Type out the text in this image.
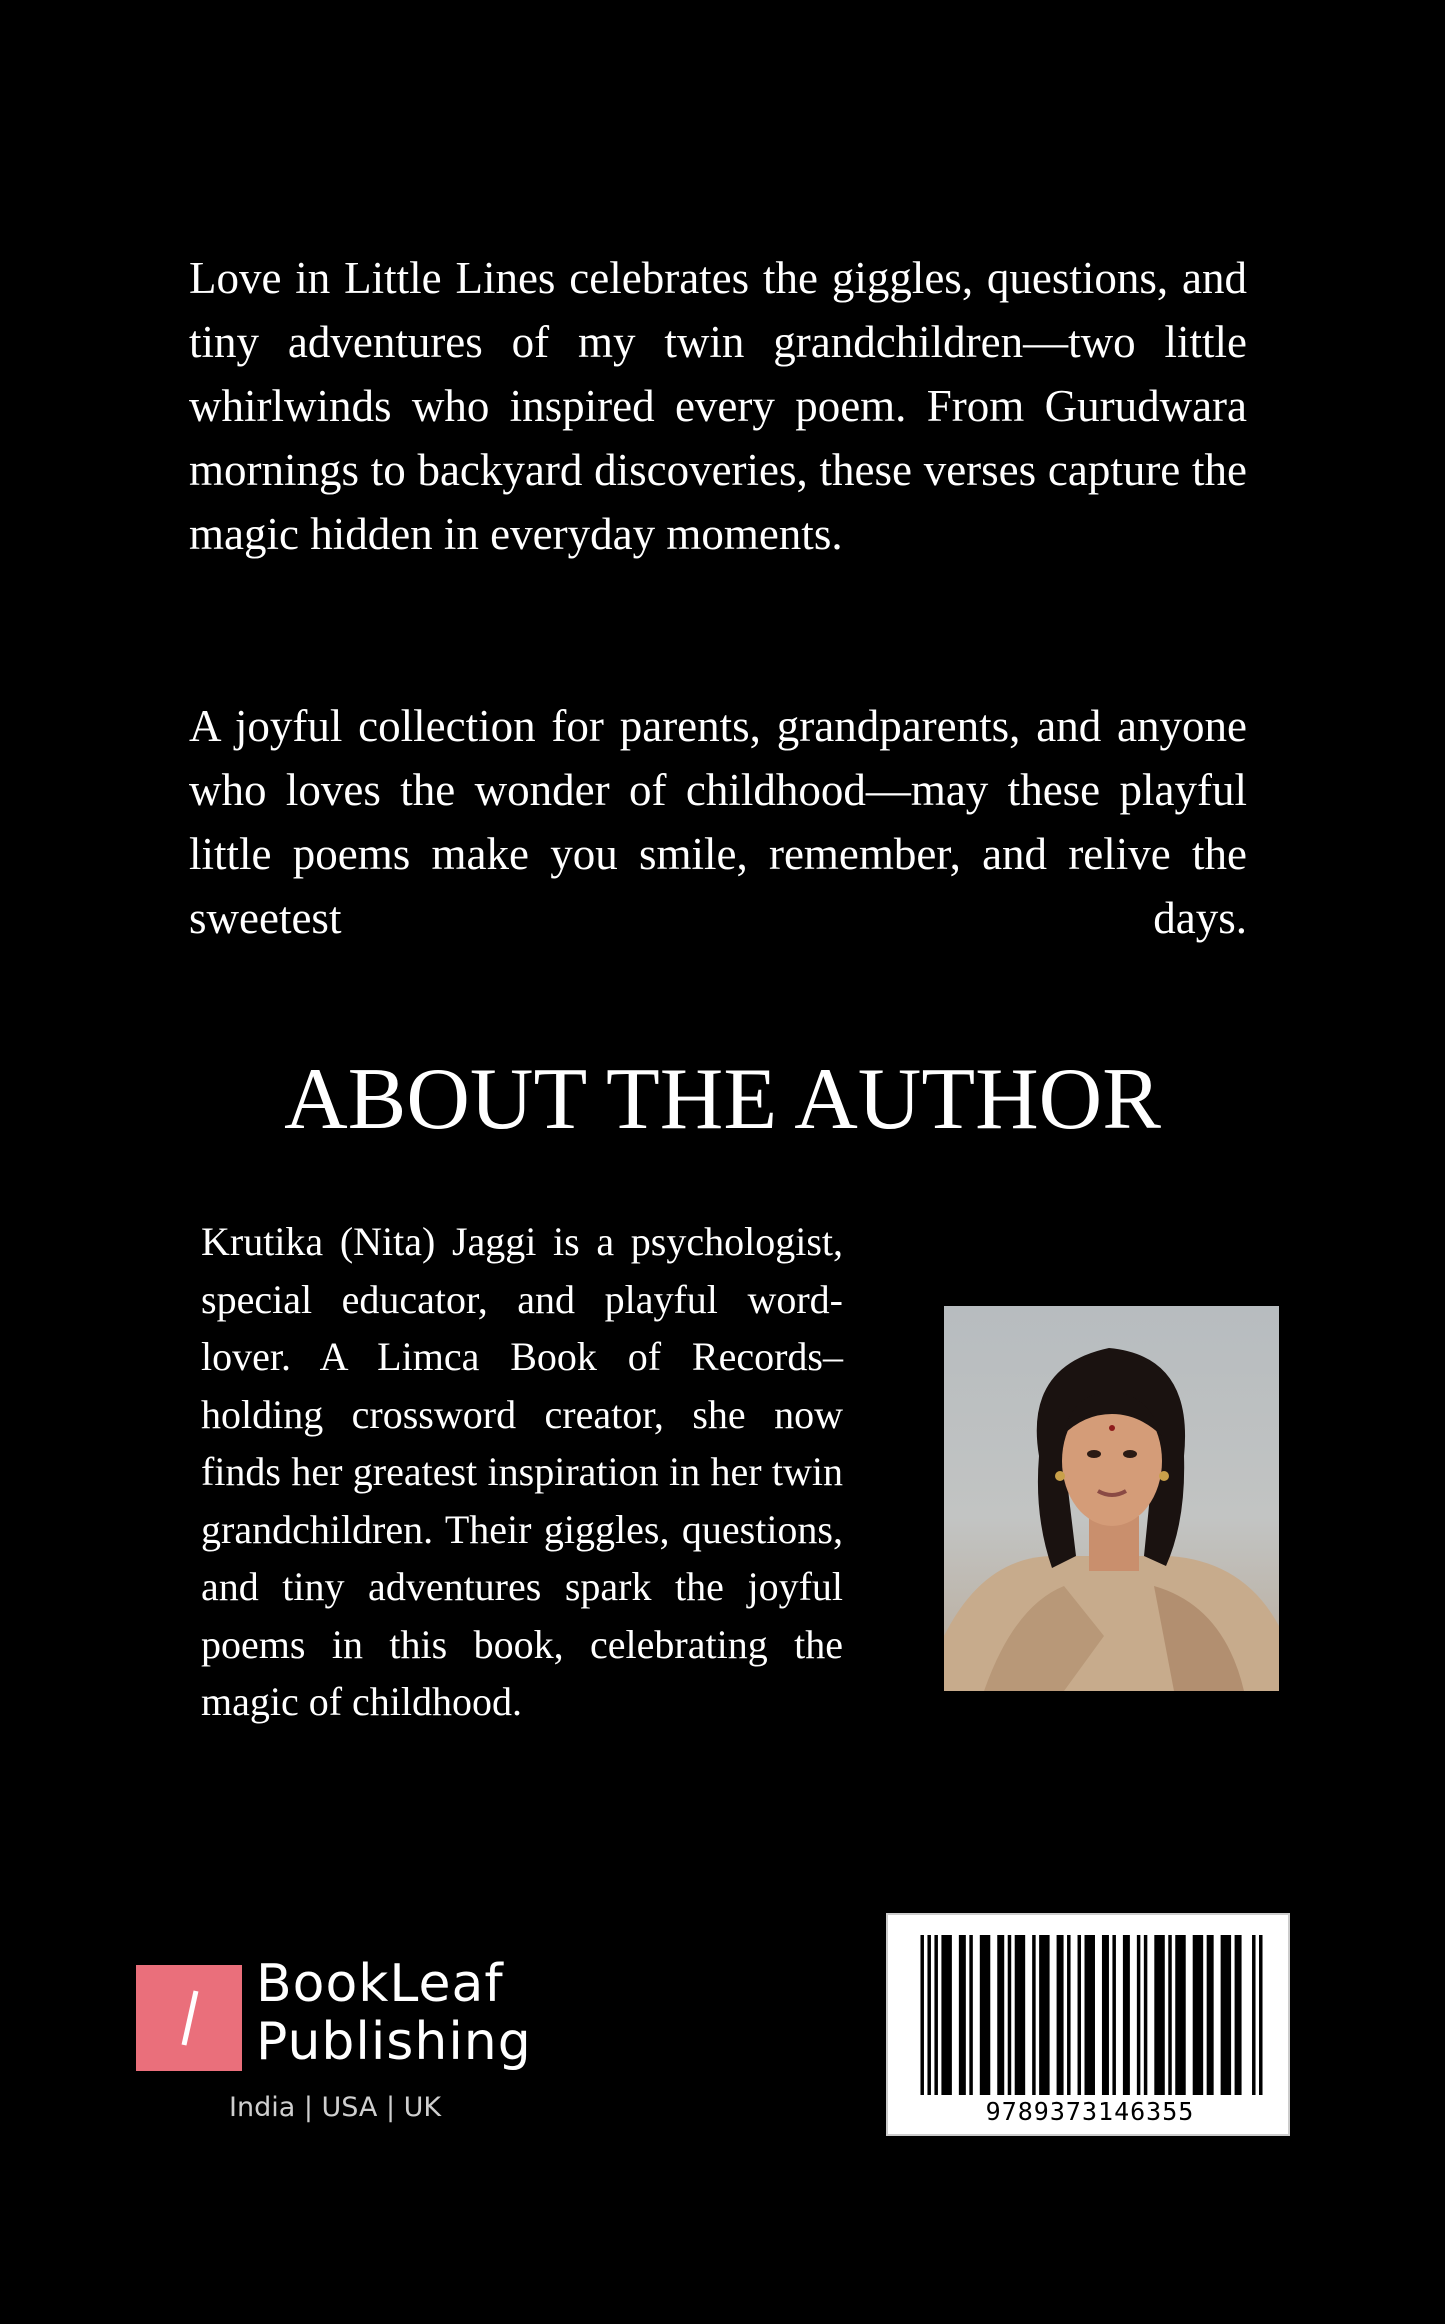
Love in Little Lines celebrates the giggles, questions, and tiny adventures of my twin grandchildren—two little whirlwinds who inspired every poem. From Gurudwara mornings to backyard discoveries, these verses capture the magic hidden in everyday moments.

A joyful collection for parents, grandparents, and anyone who loves the wonder of childhood—may these playful little poems make you smile, remember, and relive the sweetest days.

ABOUT THE AUTHOR

Krutika (Nita) Jaggi is a psychologist, special educator, and playful word-lover. A Limca Book of Records–holding crossword creator, she now finds her greatest inspiration in her twin grandchildren. Their giggles, questions, and tiny adventures spark the joyful poems in this book, celebrating the magic of childhood.

BookLeaf
Publishing
India | USA | UK	9789373146355
